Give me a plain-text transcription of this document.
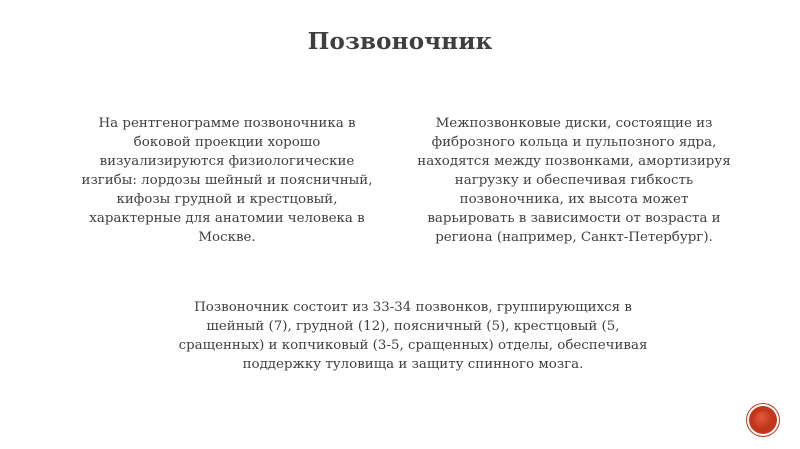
Позвоночник
На рентгенограмме позвоночника в
боковой проекции хорошо
визуализируются физиологические
изгибы: лордозы шейный и поясничный,
кифозы грудной и крестцовый,
характерные для анатомии человека в
Москве.
Межпозвонковые диски, состоящие из
фиброзного кольца и пульпозного ядра,
находятся между позвонками, амортизируя
нагрузку и обеспечивая гибкость
позвоночника, их высота может
варьировать в зависимости от возраста и
региона (например, Санкт-Петербург).
Позвоночник состоит из 33-34 позвонков, группирующихся в
шейный (7), грудной (12), поясничный (5), крестцовый (5,
сращенных) и копчиковый (3-5, сращенных) отделы, обеспечивая
поддержку туловища и защиту спинного мозга.
